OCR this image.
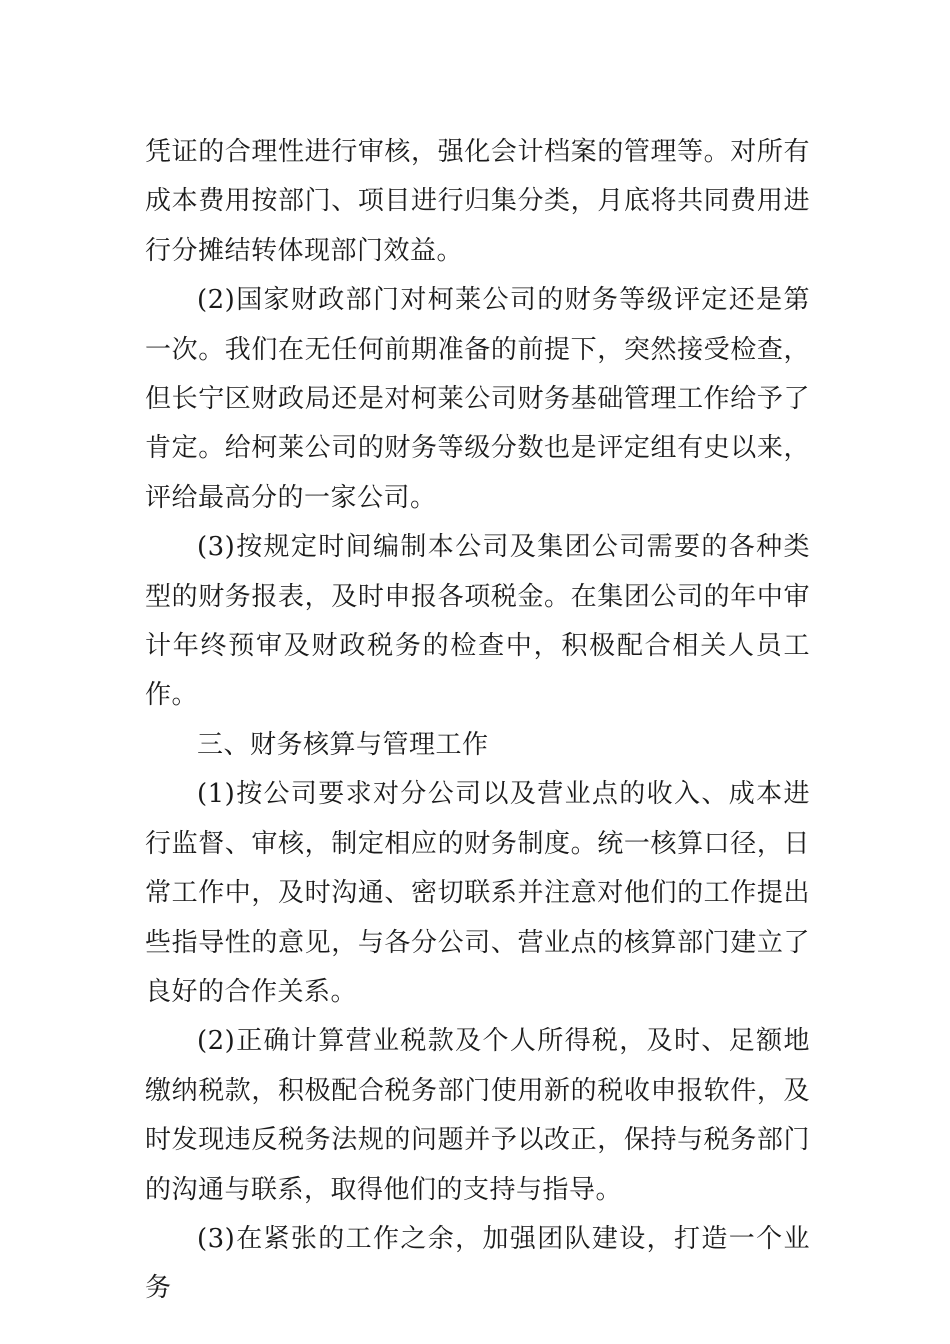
凭证的合理性进行审核，强化会计档案的管理等。对所有成本费用按部门、项目进行归集分类，月底将共同费用进行分摊结转体现部门效益。

(2)国家财政部门对柯莱公司的财务等级评定还是第一次。我们在无任何前期准备的前提下，突然接受检查，但长宁区财政局还是对柯莱公司财务基础管理工作给予了肯定。给柯莱公司的财务等级分数也是评定组有史以来，评给最高分的一家公司。

(3)按规定时间编制本公司及集团公司需要的各种类型的财务报表，及时申报各项税金。在集团公司的年中审计年终预审及财政税务的检查中，积极配合相关人员工作。

三、财务核算与管理工作

(1)按公司要求对分公司以及营业点的收入、成本进行监督、审核，制定相应的财务制度。统一核算口径，日常工作中，及时沟通、密切联系并注意对他们的工作提出些指导性的意见，与各分公司、营业点的核算部门建立了良好的合作关系。

(2)正确计算营业税款及个人所得税，及时、足额地缴纳税款，积极配合税务部门使用新的税收申报软件，及时发现违反税务法规的问题并予以改正，保持与税务部门的沟通与联系，取得他们的支持与指导。

(3)在紧张的工作之余，加强团队建设，打造一个业务
